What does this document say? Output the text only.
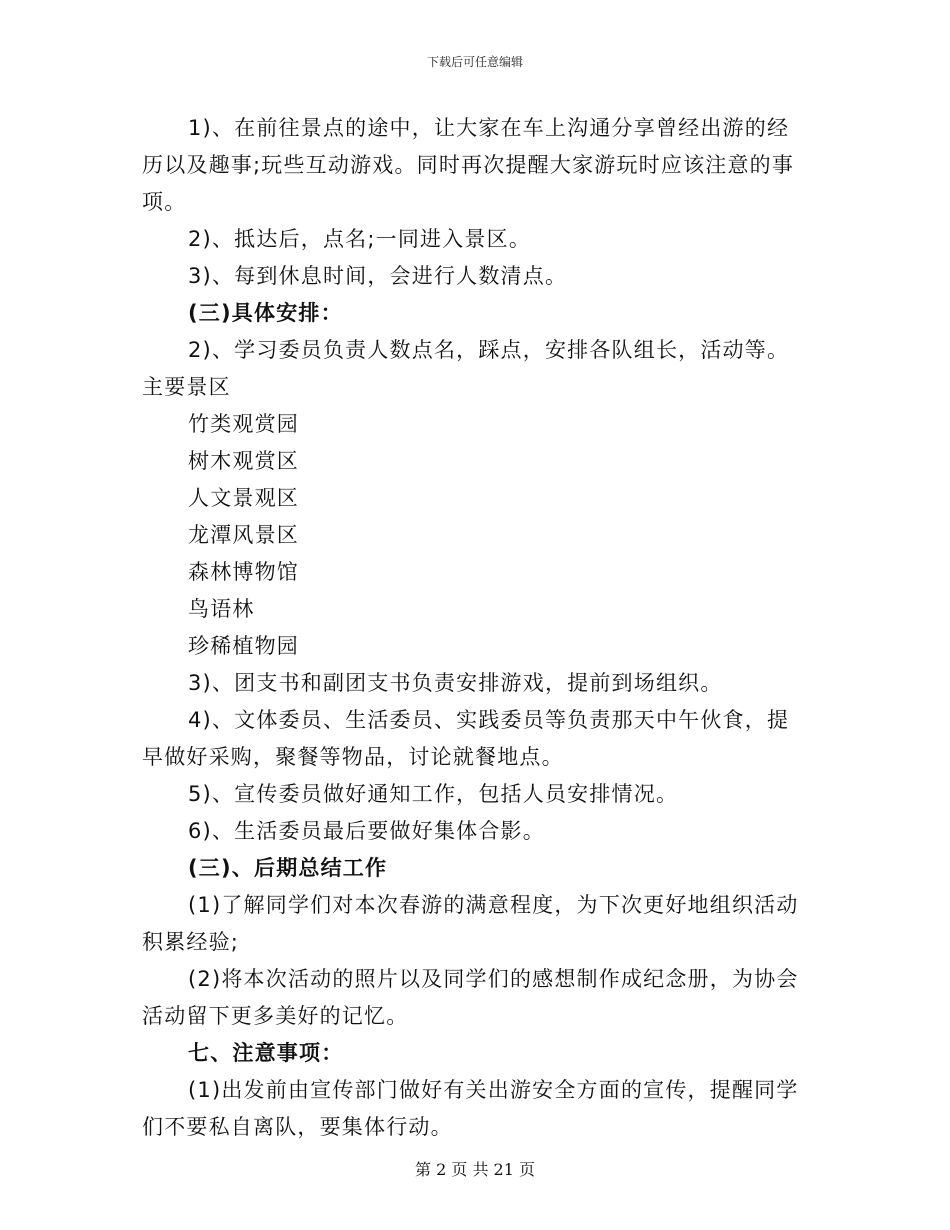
下载后可任意编辑

1)、在前往景点的途中，让大家在车上沟通分享曾经出游的经历以及趣事;玩些互动游戏。同时再次提醒大家游玩时应该注意的事项。

2)、抵达后，点名;一同进入景区。

3)、每到休息时间，会进行人数清点。

(三)具体安排：

2)、学习委员负责人数点名，踩点，安排各队组长，活动等。主要景区

竹类观赏园

树木观赏区

人文景观区

龙潭风景区

森林博物馆

鸟语林

珍稀植物园

3)、团支书和副团支书负责安排游戏，提前到场组织。

4)、文体委员、生活委员、实践委员等负责那天中午伙食，提早做好采购，聚餐等物品，讨论就餐地点。

5)、宣传委员做好通知工作，包括人员安排情况。

6)、生活委员最后要做好集体合影。

(三)、后期总结工作

(1)了解同学们对本次春游的满意程度，为下次更好地组织活动积累经验;

(2)将本次活动的照片以及同学们的感想制作成纪念册，为协会活动留下更多美好的记忆。

七、注意事项：

(1)出发前由宣传部门做好有关出游安全方面的宣传，提醒同学们不要私自离队，要集体行动。

第 2 页 共 21 页
